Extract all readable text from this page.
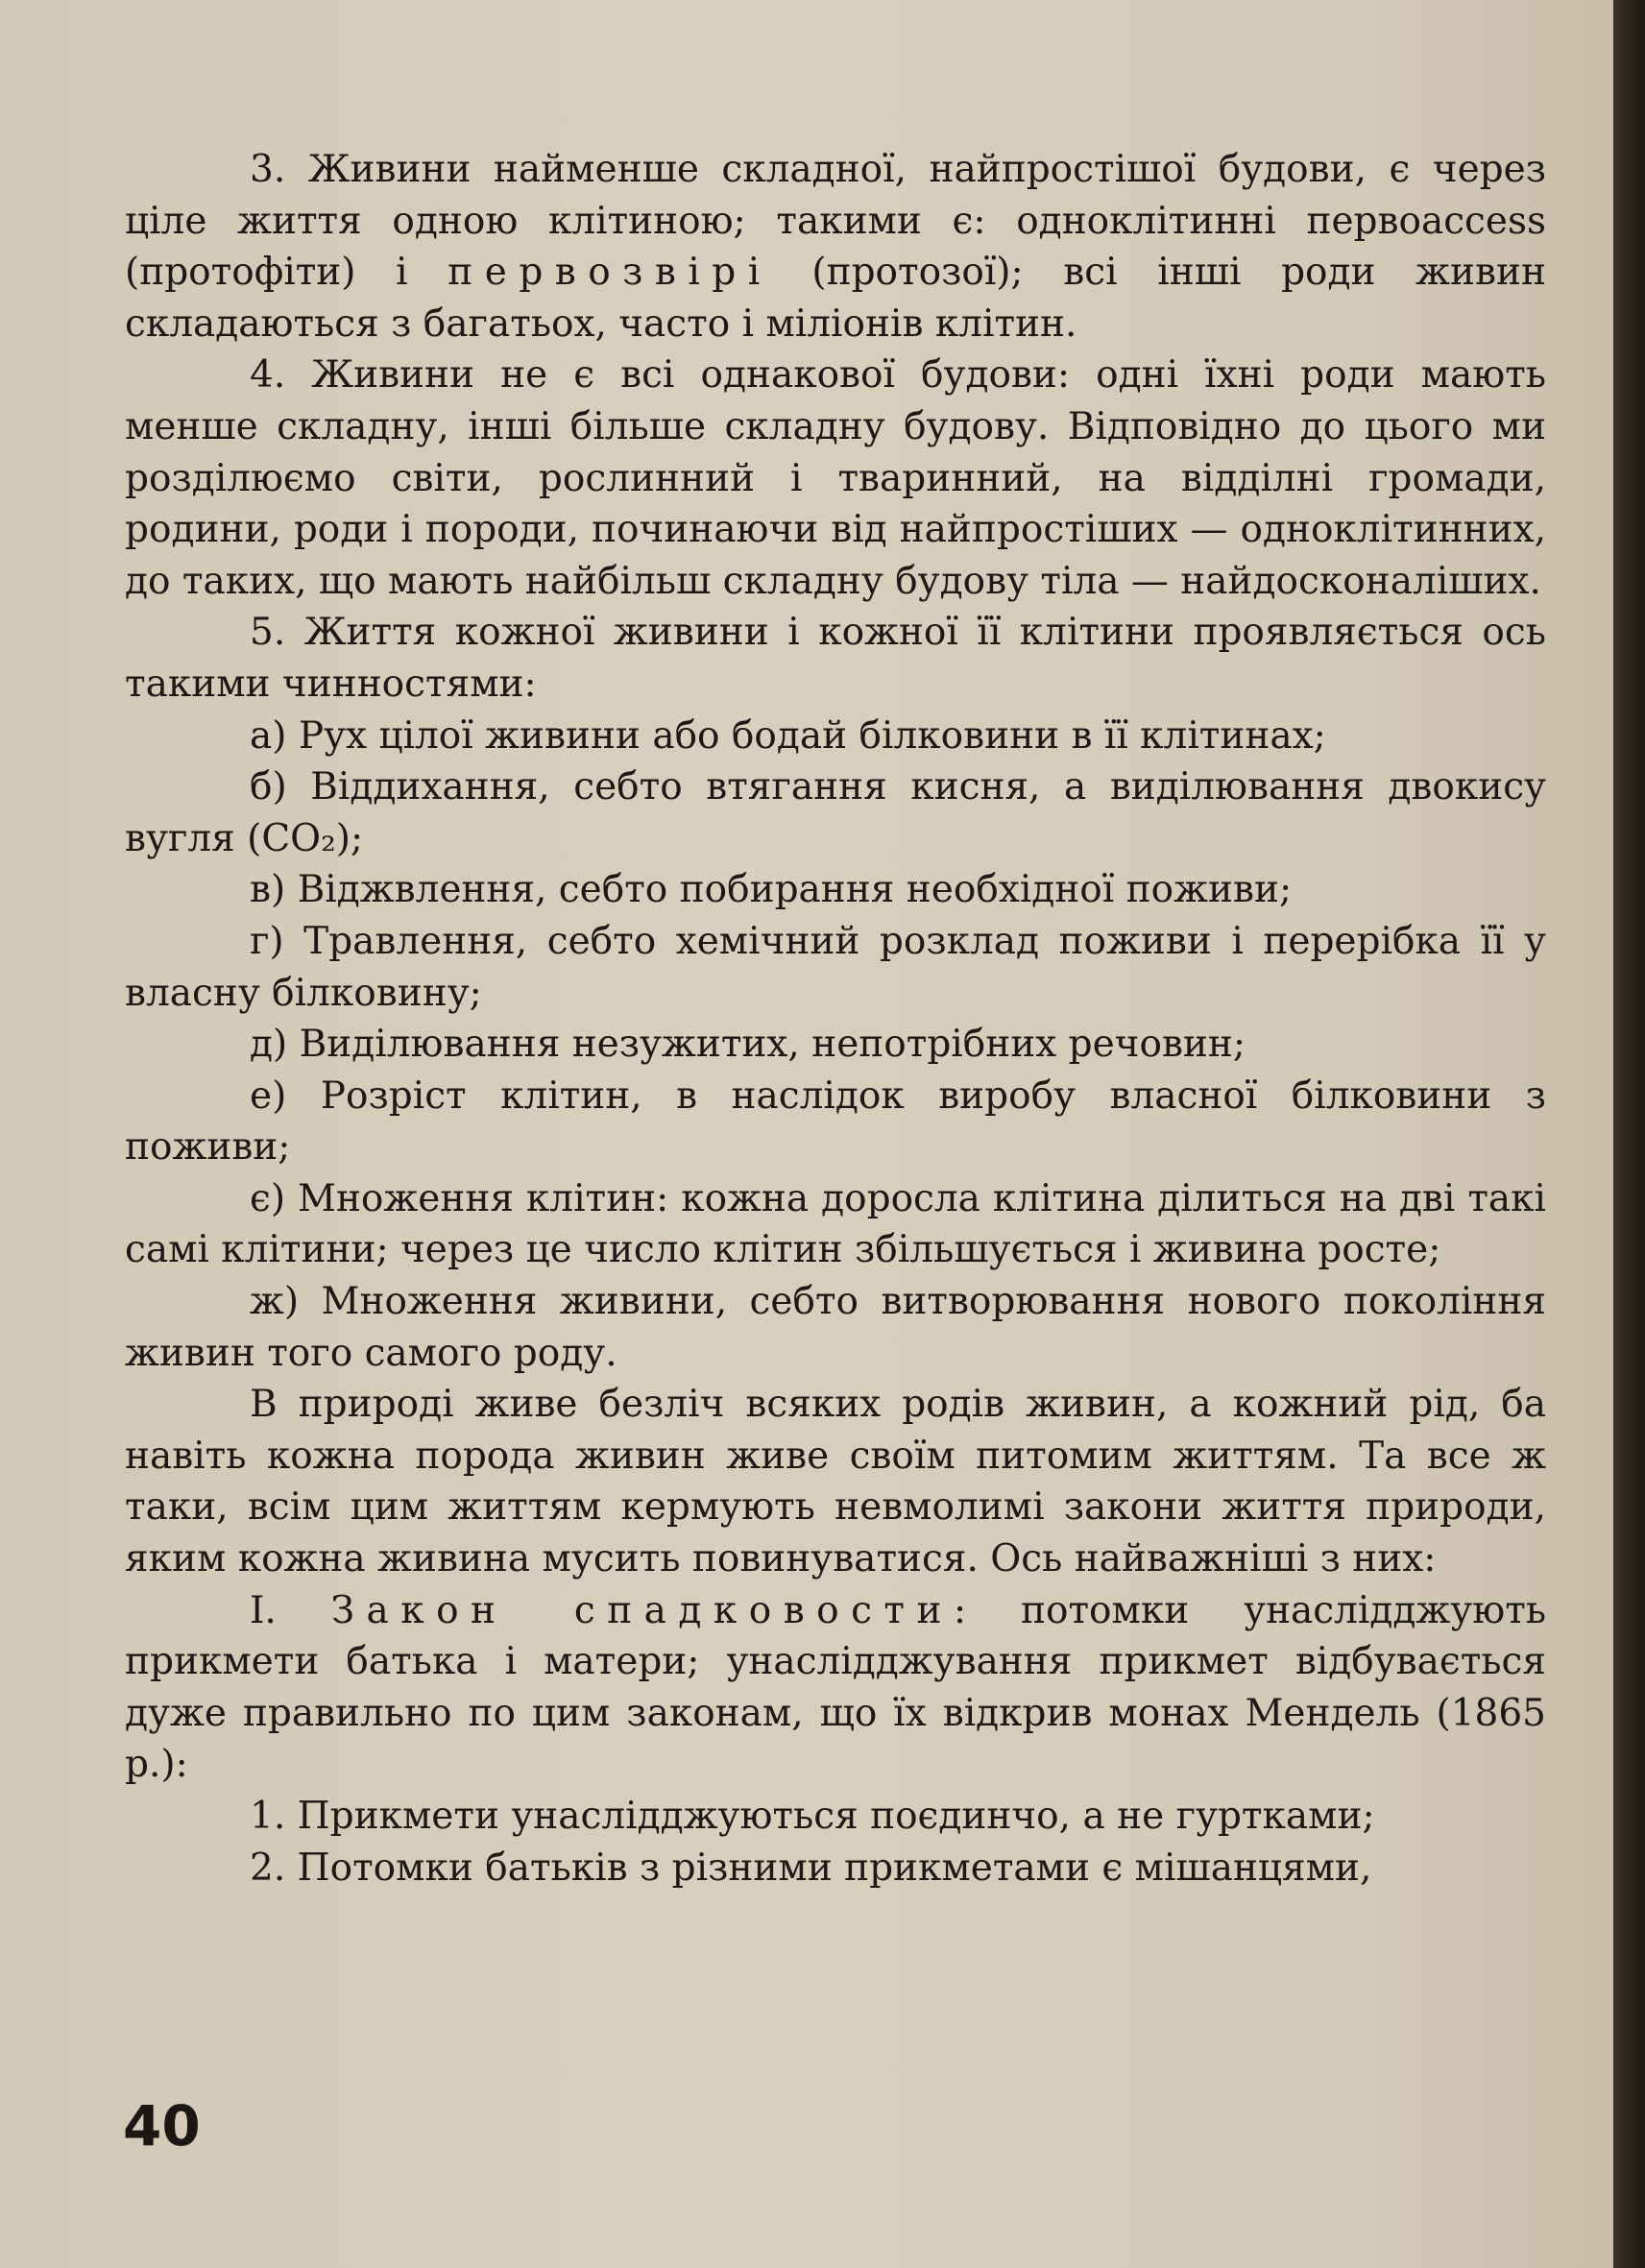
3. Живини найменше складної, найпростішої будови, є через ціле життя одною клітиною; такими є: одноклітинні первоaccess (протофіти) і первозвірі (протозої); всі інші роди живин складаються з багатьох, часто і міліонів клітин.

4. Живини не є всі однакової будови: одні їхні роди мають менше складну, інші більше складну будову. Відповідно до цього ми розділюємо світи, рослинний і тваринний, на відділні громади, родини, роди і породи, починаючи від найпростіших — одноклітинних, до таких, що мають найбільш складну будову тіла — найдосконаліших.

5. Життя кожної живини і кожної її клітини проявляється ось такими чинностями:

а) Рух цілої живини або бодай білковини в її клітинах;

б) Віддихання, себто втягання кисня, а виділювання двокису вугля (CO₂);

в) Віджвлення, себто побирання необхідної поживи;

г) Травлення, себто хемічний розклад поживи і перерібка її у власну білковину;

д) Виділювання незужитих, непотрібних речовин;

е) Розріст клітин, в наслідок виробу власної білковини з поживи;

є) Множення клітин: кожна доросла клітина ділиться на дві такі самі клітини; через це число клітин збільшується і живина росте;

ж) Множення живини, себто витворювання нового покоління живин того самого роду.

В природі живе безліч всяких родів живин, а кожний рід, ба навіть кожна порода живин живе своїм питомим життям. Та все ж таки, всім цим життям кермують невмолимі закони життя природи, яким кожна живина мусить повинуватися. Ось найважніші з них:

І. Закон спадковости: потомки унаслідджують прикмети батька і матери; унаслідджування прикмет відбувається дуже правильно по цим законам, що їх відкрив монах Мендель (1865 р.):

1. Прикмети унаслідджуються поєдинчо, а не гуртками;

2. Потомки батьків з різними прикметами є мішанцями,

40
